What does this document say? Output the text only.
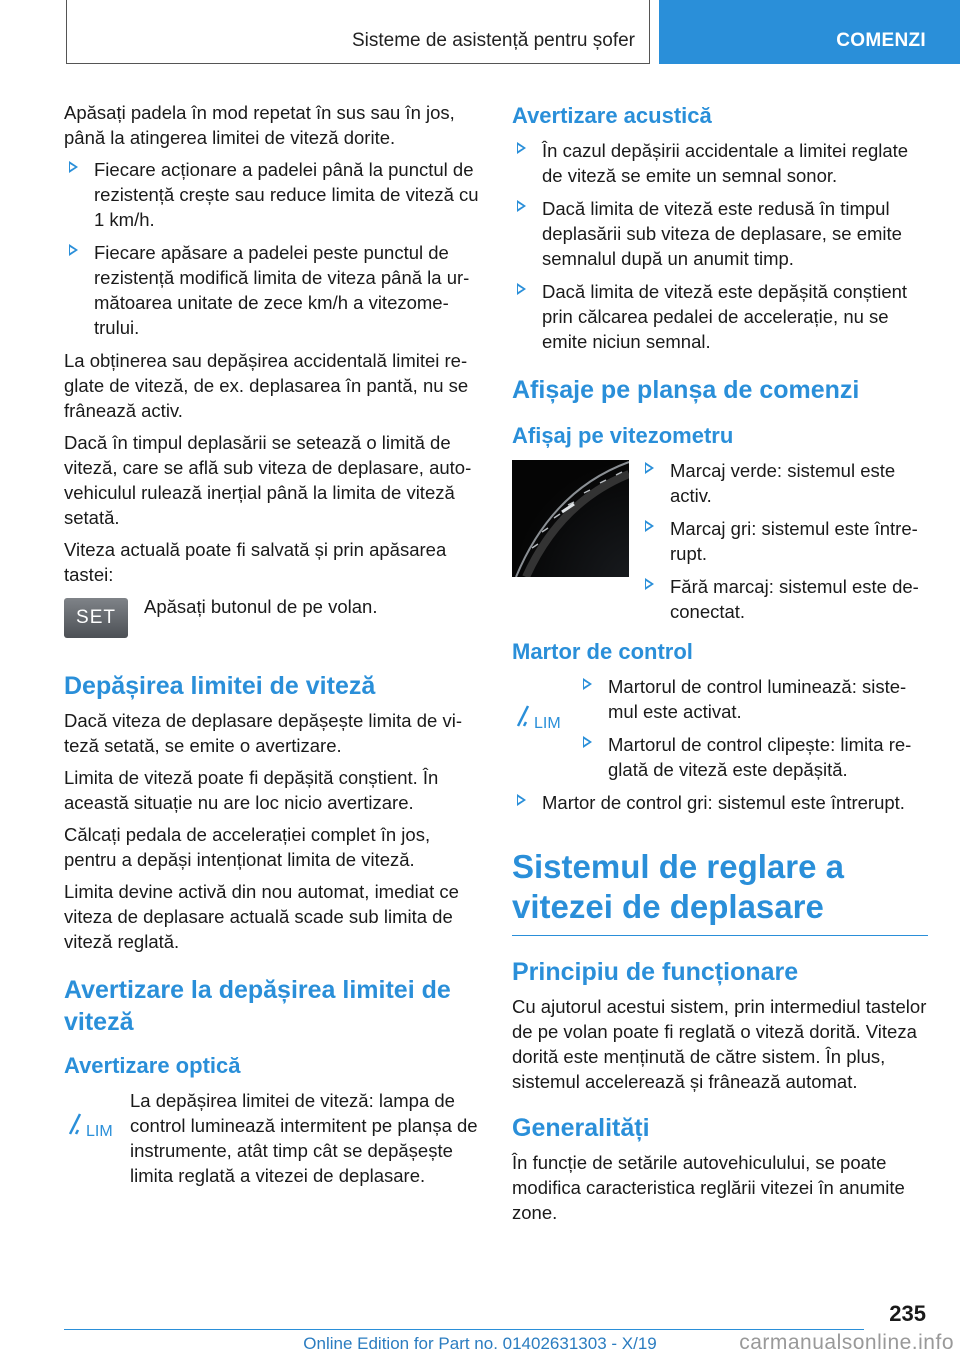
Sisteme de asistență pentru șofer	COMENZI

Apăsați padela în mod repetat în sus sau în jos, până la atingerea limitei de viteză dorite.

Fiecare acționare a padelei până la punctul de rezistență crește sau reduce limita de viteză cu 1 km/h.
Fiecare apăsare a padelei peste punctul de rezistență modifică limita de viteza până la următoarea unitate de zece km/h a vitezometrului.

La obținerea sau depășirea accidentală limitei reglate de viteză, de ex. deplasarea în pantă, nu se frânează activ.

Dacă în timpul deplasării se setează o limită de viteză, care se află sub viteza de deplasare, autovehiculul rulează inerțial până la limita de viteză setată.

Viteza actuală poate fi salvată și prin apăsarea tastei:

SET
Apăsați butonul de pe volan.
Depășirea limitei de viteză

Dacă viteza de deplasare depășește limita de viteză setată, se emite o avertizare.

Limita de viteză poate fi depășită conștient. În această situație nu are loc nicio avertizare.

Călcați pedala de accelerației complet în jos, pentru a depăși intenționat limita de viteză.

Limita devine activă din nou automat, imediat ce viteza de deplasare actuală scade sub limita de viteză reglată.

Avertizare la depășirea limitei de viteză
Avertizare optică
LIM

La depășirea limitei de viteză: lampa de control luminează intermitent pe planșa de instrumente, atât timp cât se depășește limita reglată a vitezei de deplasare.

Avertizare acustică
În cazul depășirii accidentale a limitei reglate de viteză se emite un semnal sonor.
Dacă limita de viteză este redusă în timpul deplasării sub viteza de deplasare, se emite semnalul după un anumit timp.
Dacă limita de viteză este depășită conștient prin călcarea pedalei de accelerație, nu se emite niciun semnal.
Afișaje pe planșa de comenzi
Afișaj pe vitezometru
Marcaj verde: sistemul este activ.
Marcaj gri: sistemul este întrerupt.
Fără marcaj: sistemul este deconectat.
Martor de control
LIM
Martorul de control luminează: sistemul este activat.
Martorul de control clipește: limita reglată de viteză este depășită.
Martor de control gri: sistemul este întrerupt.
Sistemul de reglare a vitezei de deplasare
Principiu de funcționare

Cu ajutorul acestui sistem, prin intermediul tastelor de pe volan poate fi reglată o viteză dorită. Viteza dorită este menținută de către sistem. În plus, sistemul accelerează și frânează automat.

Generalități

În funcție de setările autovehiculului, se poate modifica caracteristica reglării vitezei în anumite zone.

235
Online Edition for Part no. 01402631303 - X/19	carmanualsonline.info
